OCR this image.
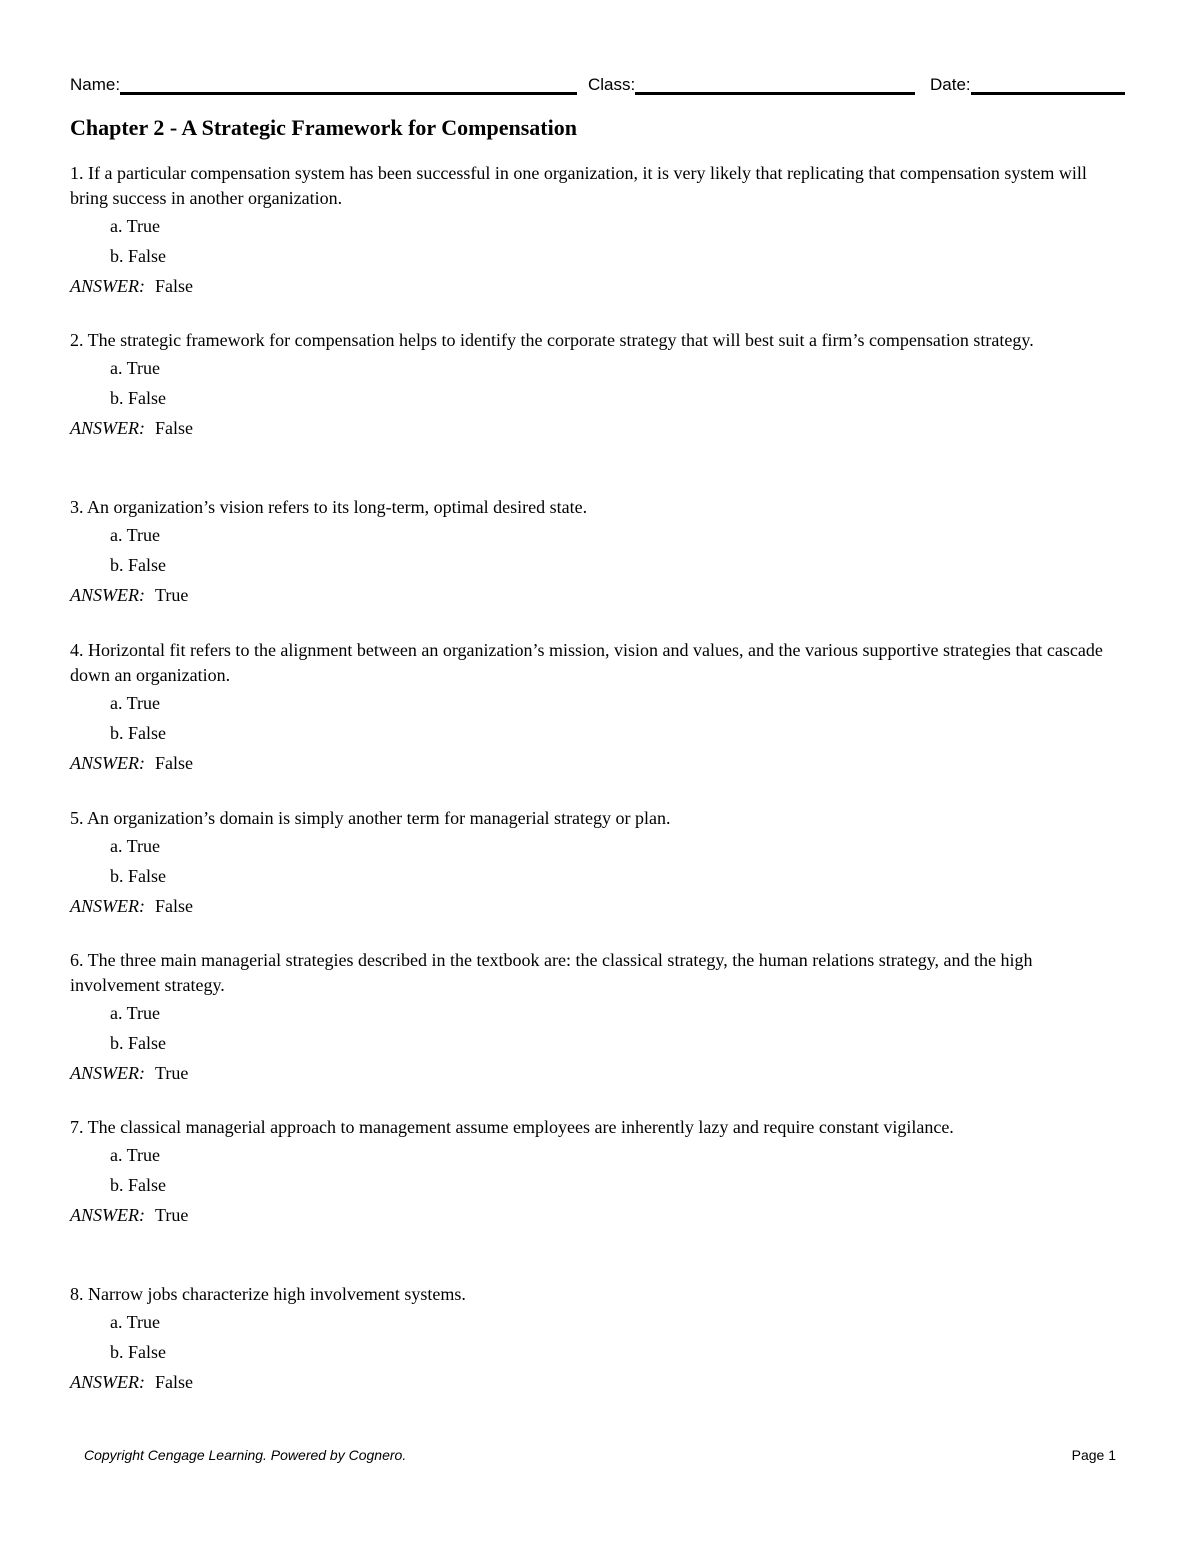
Name:	Class:	Date:
Chapter 2 - A Strategic Framework for Compensation

1. If a particular compensation system has been successful in one organization, it is very likely that replicating that compensation system will bring success in another organization.

a. True
b. False
ANSWER: False

2. The strategic framework for compensation helps to identify the corporate strategy that will best suit a firm’s compensation strategy.

a. True
b. False
ANSWER: False

3. An organization’s vision refers to its long-term, optimal desired state.

a. True
b. False
ANSWER: True

4. Horizontal fit refers to the alignment between an organization’s mission, vision and values, and the various supportive strategies that cascade down an organization.

a. True
b. False
ANSWER: False

5. An organization’s domain is simply another term for managerial strategy or plan.

a. True
b. False
ANSWER: False

6. The three main managerial strategies described in the textbook are: the classical strategy, the human relations strategy, and the high involvement strategy.

a. True
b. False
ANSWER: True

7. The classical managerial approach to management assume employees are inherently lazy and require constant vigilance.

a. True
b. False
ANSWER: True

8. Narrow jobs characterize high involvement systems.

a. True
b. False
ANSWER: False
Copyright Cengage Learning. Powered by Cognero.	Page 1
